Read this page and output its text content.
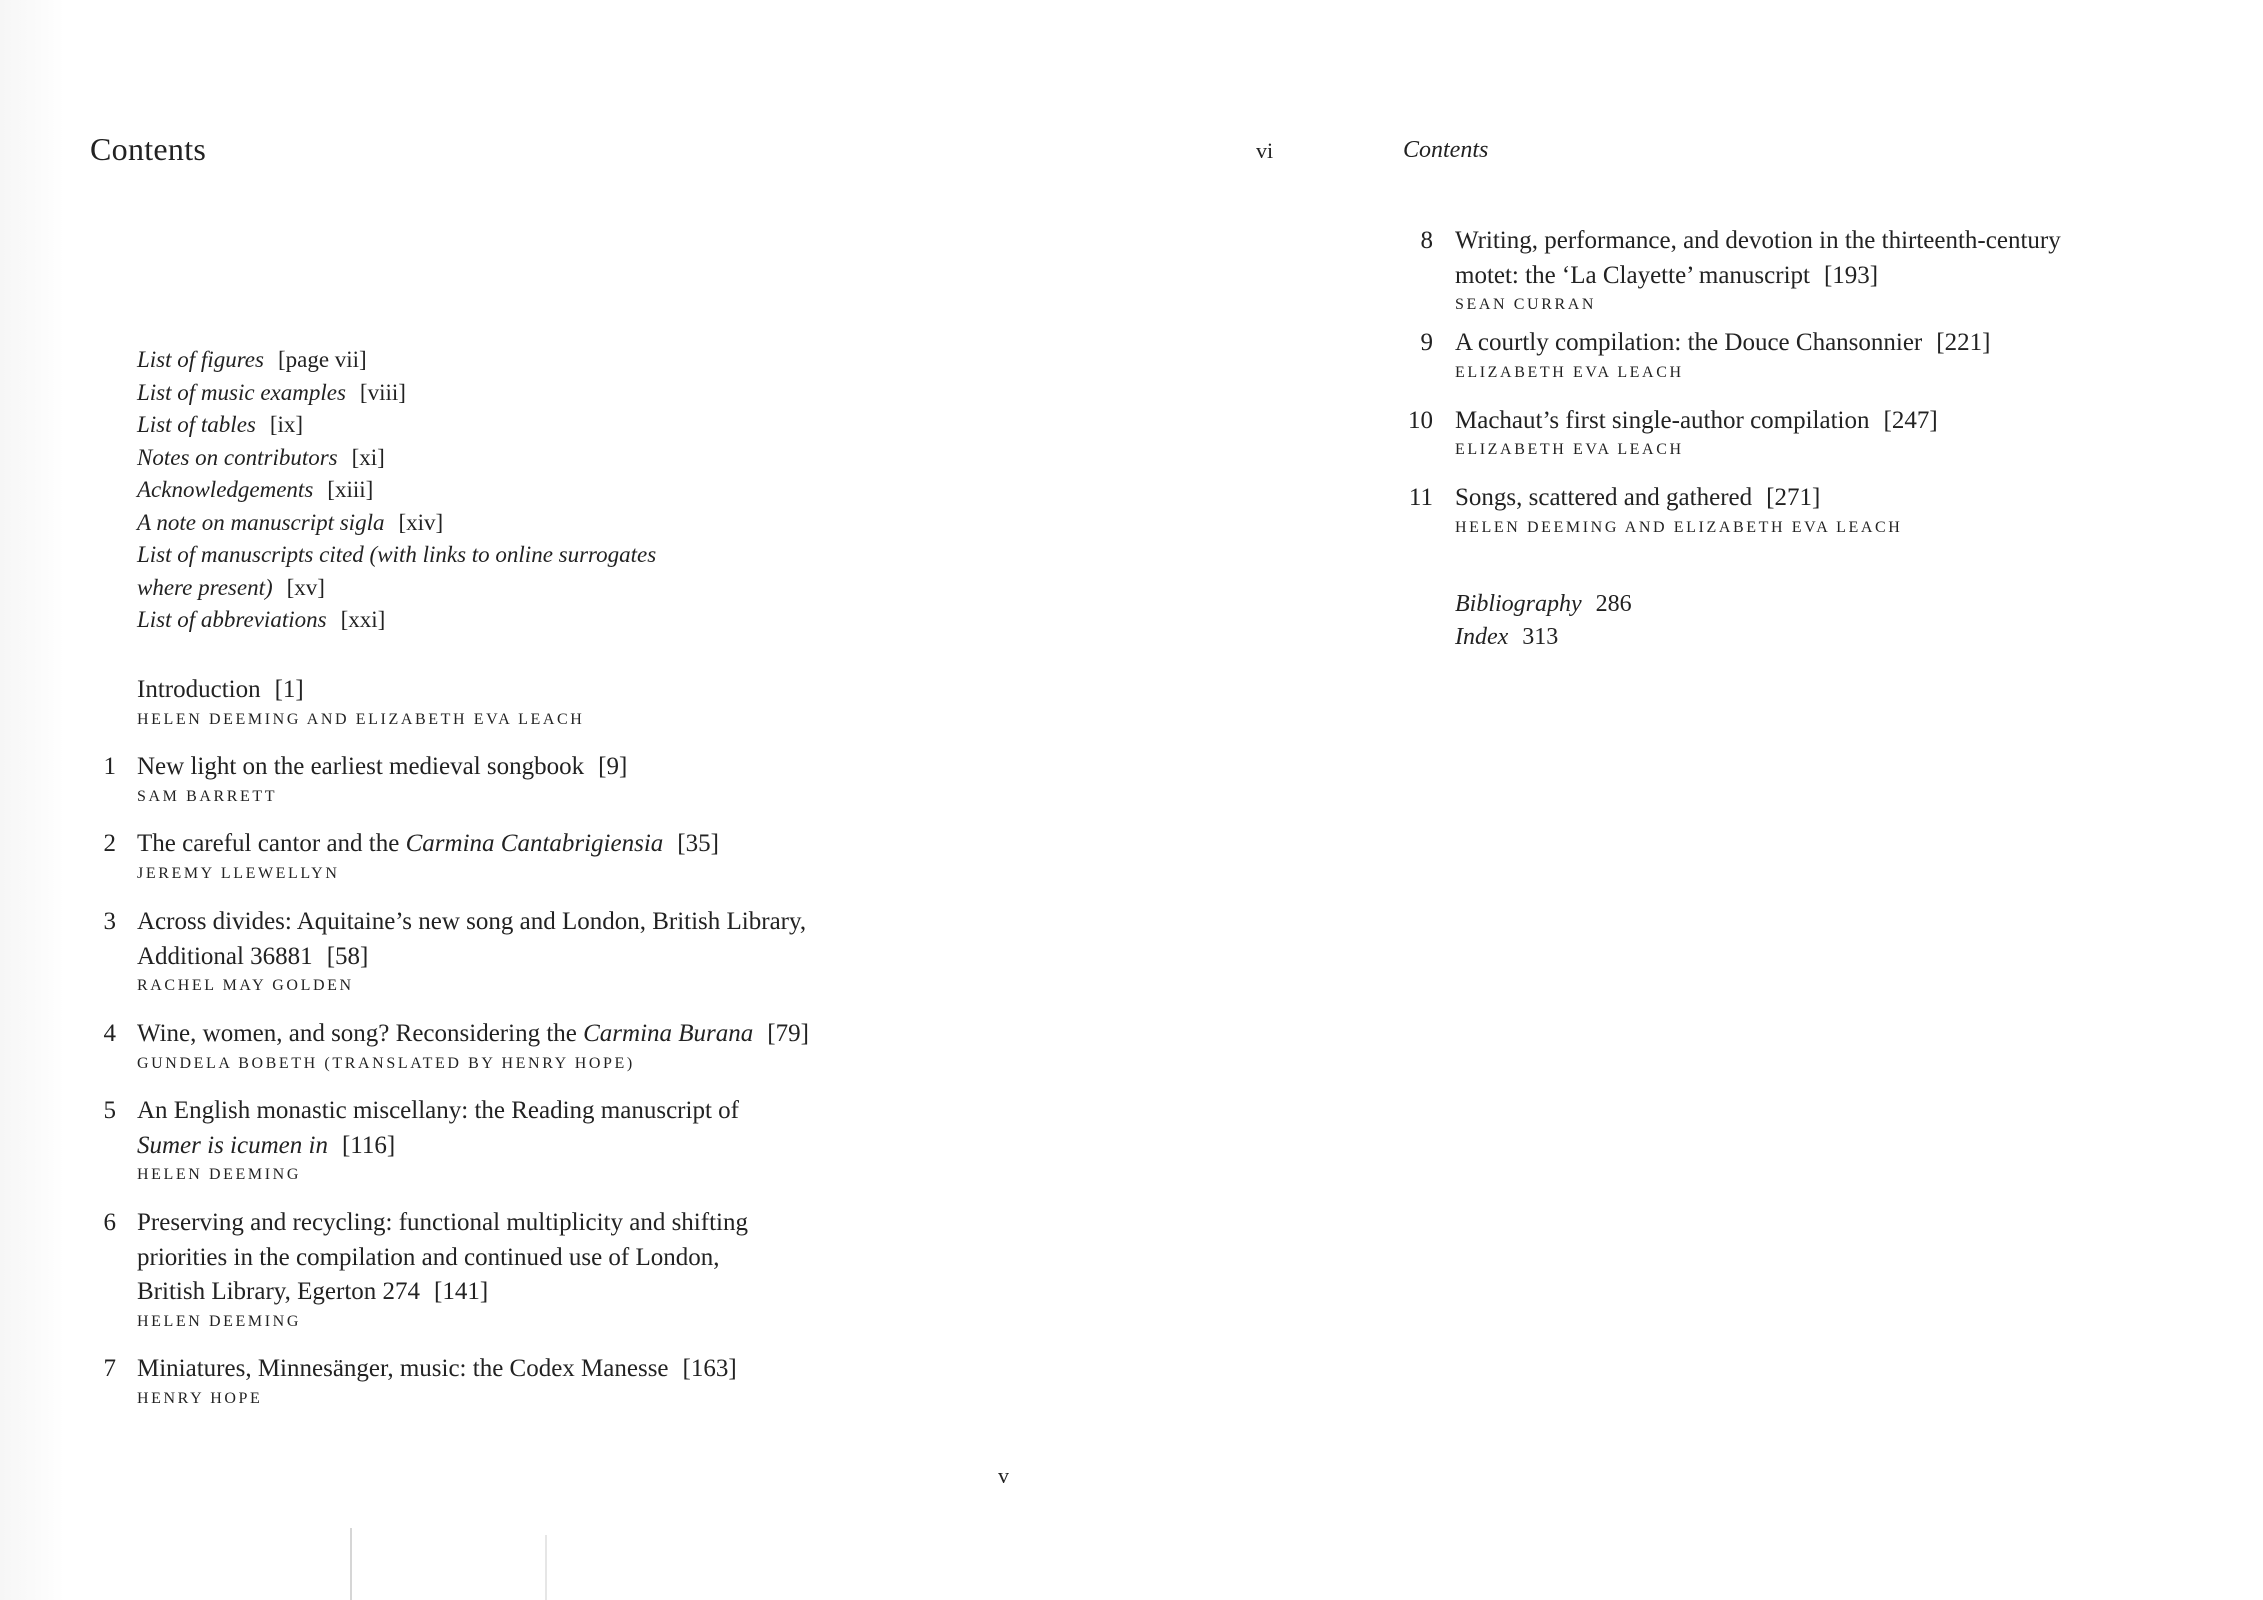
Contents
List of figures [page vii]
List of music examples [viii]
List of tables [ix]
Notes on contributors [xi]
Acknowledgements [xiii]
A note on manuscript sigla [xiv]
List of manuscripts cited (with links to online surrogates
where present) [xv]
List of abbreviations [xxi]
Introduction [1]
HELEN DEEMING AND ELIZABETH EVA LEACH
1 New light on the earliest medieval songbook [9]
SAM BARRETT
2 The careful cantor and the Carmina Cantabrigiensia [35]
JEREMY LLEWELLYN
3 Across divides: Aquitaine’s new song and London, British Library,
Additional 36881 [58]
RACHEL MAY GOLDEN
4 Wine, women, and song? Reconsidering the Carmina Burana [79]
GUNDELA BOBETH (TRANSLATED BY HENRY HOPE)
5 An English monastic miscellany: the Reading manuscript of
Sumer is icumen in [116]
HELEN DEEMING
6 Preserving and recycling: functional multiplicity and shifting
priorities in the compilation and continued use of London,
British Library, Egerton 274 [141]
HELEN DEEMING
7 Miniatures, Minnesänger, music: the Codex Manesse [163]
HENRY HOPE
v
vi	Contents
8 Writing, performance, and devotion in the thirteenth-century
motet: the ‘La Clayette’ manuscript [193]
SEAN CURRAN
9 A courtly compilation: the Douce Chansonnier [221]
ELIZABETH EVA LEACH
10 Machaut’s first single-author compilation [247]
ELIZABETH EVA LEACH
11 Songs, scattered and gathered [271]
HELEN DEEMING AND ELIZABETH EVA LEACH
Bibliography 286
Index 313
